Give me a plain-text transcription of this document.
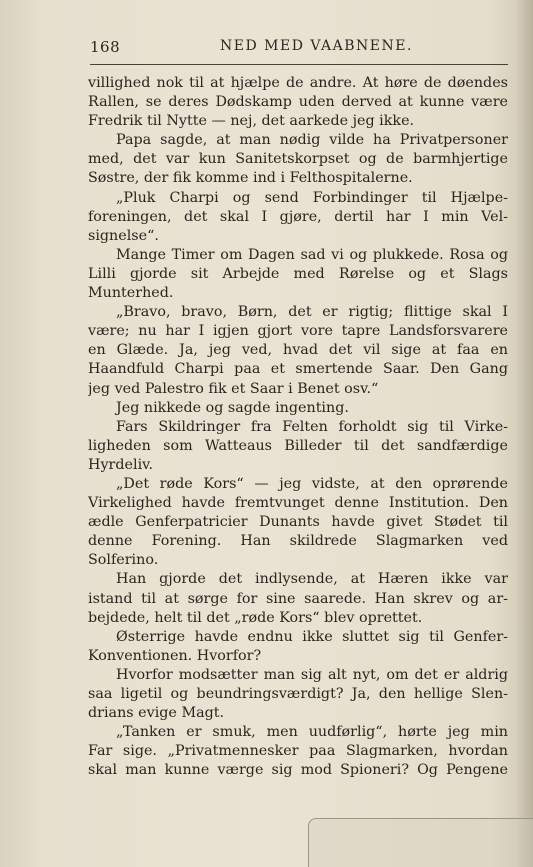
168	NED MED VAABNENE.
villighed nok til at hjælpe de andre. At høre de døendes
Rallen, se deres Dødskamp uden derved at kunne være
Fredrik til Nytte — nej, det aarkede jeg ikke.
Papa sagde, at man nødig vilde ha Privatpersoner
med, det var kun Sanitetskorpset og de barmhjertige
Søstre, der fik komme ind i Felthospitalerne.
„Pluk Charpi og send Forbindinger til Hjælpe-
foreningen, det skal I gjøre, dertil har I min Vel-
signelse“.
Mange Timer om Dagen sad vi og plukkede. Rosa og
Lilli gjorde sit Arbejde med Rørelse og et Slags
Munterhed.
„Bravo, bravo, Børn, det er rigtig; flittige skal I
være; nu har I igjen gjort vore tapre Landsforsvarere
en Glæde. Ja, jeg ved, hvad det vil sige at faa en
Haandfuld Charpi paa et smertende Saar. Den Gang
jeg ved Palestro fik et Saar i Benet osv.“
Jeg nikkede og sagde ingenting.
Fars Skildringer fra Felten forholdt sig til Virke-
ligheden som Watteaus Billeder til det sandfærdige
Hyrdeliv.
„Det røde Kors“ — jeg vidste, at den oprørende
Virkelighed havde fremtvunget denne Institution. Den
ædle Genferpatricier Dunants havde givet Stødet til
denne Forening. Han skildrede Slagmarken ved
Solferino.
Han gjorde det indlysende, at Hæren ikke var
istand til at sørge for sine saarede. Han skrev og ar-
bejdede, helt til det „røde Kors“ blev oprettet.
Østerrige havde endnu ikke sluttet sig til Genfer-
Konventionen. Hvorfor?
Hvorfor modsætter man sig alt nyt, om det er aldrig
saa ligetil og beundringsværdigt? Ja, den hellige Slen-
drians evige Magt.
„Tanken er smuk, men uudførlig“, hørte jeg min
Far sige. „Privatmennesker paa Slagmarken, hvordan
skal man kunne værge sig mod Spioneri? Og Pengene
